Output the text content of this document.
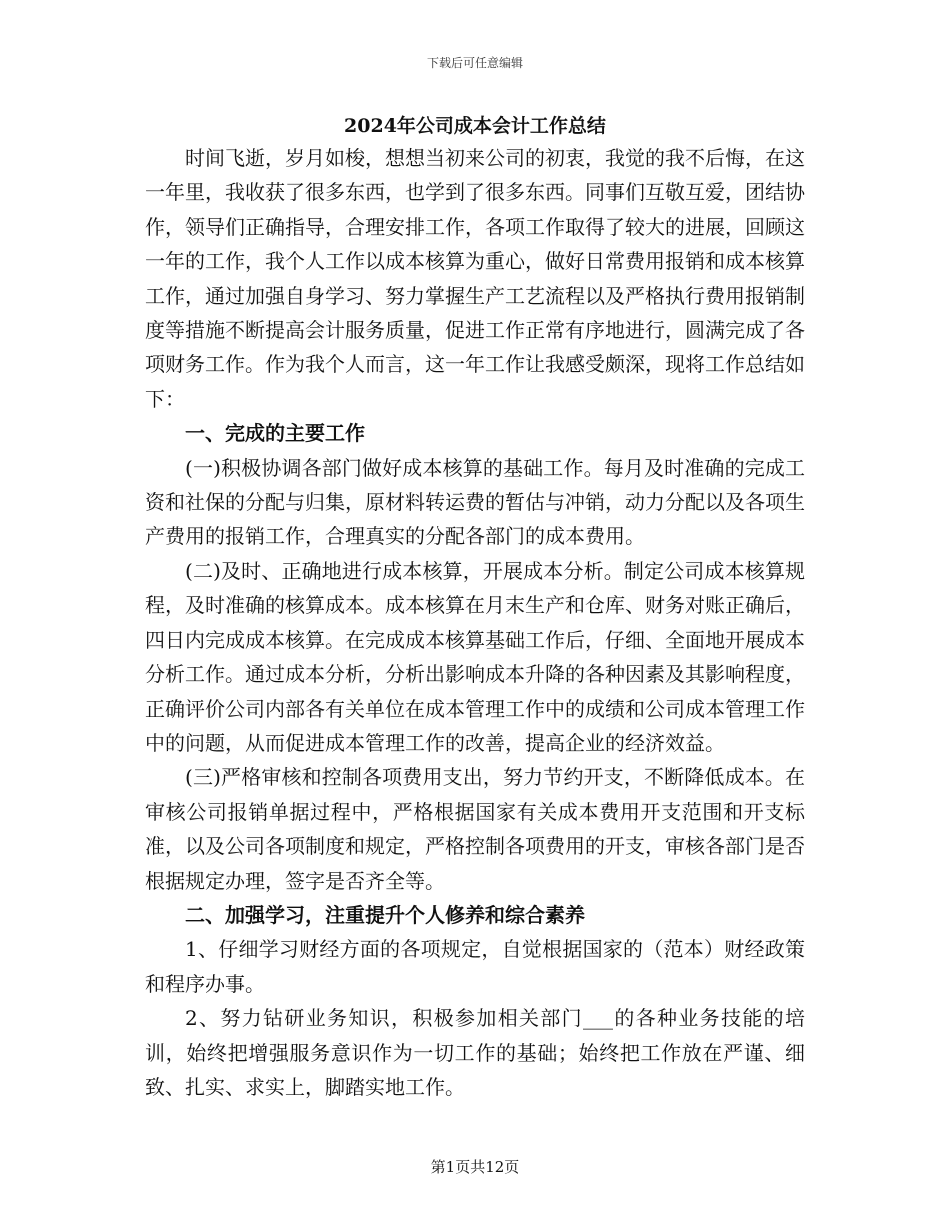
下载后可任意编辑
2024年公司成本会计工作总结

时间飞逝，岁月如梭，想想当初来公司的初衷，我觉的我不后悔，在这一年里，我收获了很多东西，也学到了很多东西。同事们互敬互爱，团结协作，领导们正确指导，合理安排工作，各项工作取得了较大的进展，回顾这一年的工作，我个人工作以成本核算为重心，做好日常费用报销和成本核算工作，通过加强自身学习、努力掌握生产工艺流程以及严格执行费用报销制度等措施不断提高会计服务质量，促进工作正常有序地进行，圆满完成了各项财务工作。作为我个人而言，这一年工作让我感受颇深，现将工作总结如下：

一、完成的主要工作

(一)积极协调各部门做好成本核算的基础工作。每月及时准确的完成工资和社保的分配与归集，原材料转运费的暂估与冲销，动力分配以及各项生产费用的报销工作，合理真实的分配各部门的成本费用。

(二)及时、正确地进行成本核算，开展成本分析。制定公司成本核算规程，及时准确的核算成本。成本核算在月末生产和仓库、财务对账正确后，四日内完成成本核算。在完成成本核算基础工作后，仔细、全面地开展成本分析工作。通过成本分析，分析出影响成本升降的各种因素及其影响程度，正确评价公司内部各有关单位在成本管理工作中的成绩和公司成本管理工作中的问题，从而促进成本管理工作的改善，提高企业的经济效益。

(三)严格审核和控制各项费用支出，努力节约开支，不断降低成本。在审核公司报销单据过程中，严格根据国家有关成本费用开支范围和开支标准，以及公司各项制度和规定，严格控制各项费用的开支，审核各部门是否根据规定办理，签字是否齐全等。

二、加强学习，注重提升个人修养和综合素养

1、仔细学习财经方面的各项规定，自觉根据国家的（范本）财经政策和程序办事。

2、努力钻研业务知识，积极参加相关部门___的各种业务技能的培训，始终把增强服务意识作为一切工作的基础；始终把工作放在严谨、细致、扎实、求实上，脚踏实地工作。

第1页共12页
